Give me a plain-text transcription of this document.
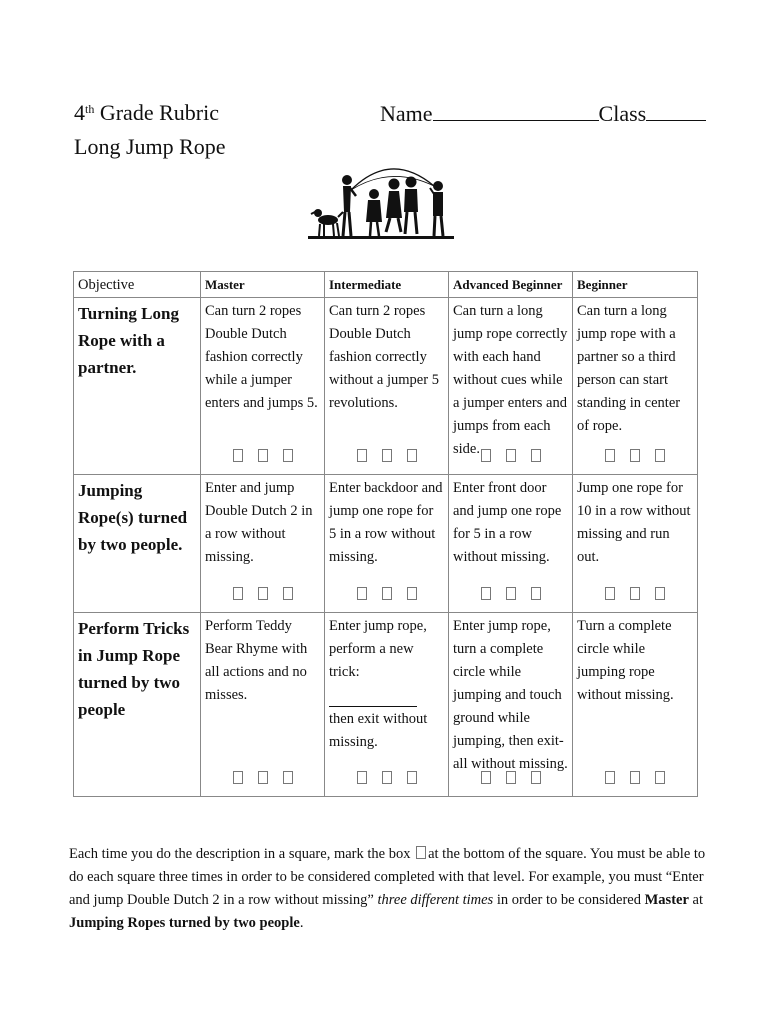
4th Grade Rubric
Long Jump Rope
Name	Class
Objective	Master	Intermediate	Advanced Beginner	Beginner

Turning Long Rope with a partner.	Can turn 2 ropes Double Dutch fashion correctly while a jumper enters and jumps 5.	Can turn 2 ropes Double Dutch fashion correctly without a jumper 5 revolutions.	Can turn a long jump rope correctly with each hand without cues while a jumper enters and jumps from each side.	Can turn a long jump rope with a partner so a third person can start standing in center of rope.

Jumping Rope(s) turned by two people.	Enter and jump Double Dutch 2 in a row without missing.	Enter backdoor and jump one rope for 5 in a row without missing.	Enter front door and jump one rope for 5 in a row without missing.	Jump one rope for 10 in a row without missing and run out.

Perform Tricks in Jump Rope turned by two people	Perform Teddy Bear Rhyme with all actions and no misses.	Enter jump rope, perform a new trick:
then exit without missing.	Enter jump rope, turn a complete circle while jumping and touch ground while jumping, then exit- all without missing.	Turn a complete circle while jumping rope without missing.
Each time you do the description in a square, mark the box at the bottom of the square. You must be able to do each square three times in order to be considered completed with that level. For example, you must “Enter and jump Double Dutch 2 in a row without missing” three different times in order to be considered Master at Jumping Ropes turned by two people.
